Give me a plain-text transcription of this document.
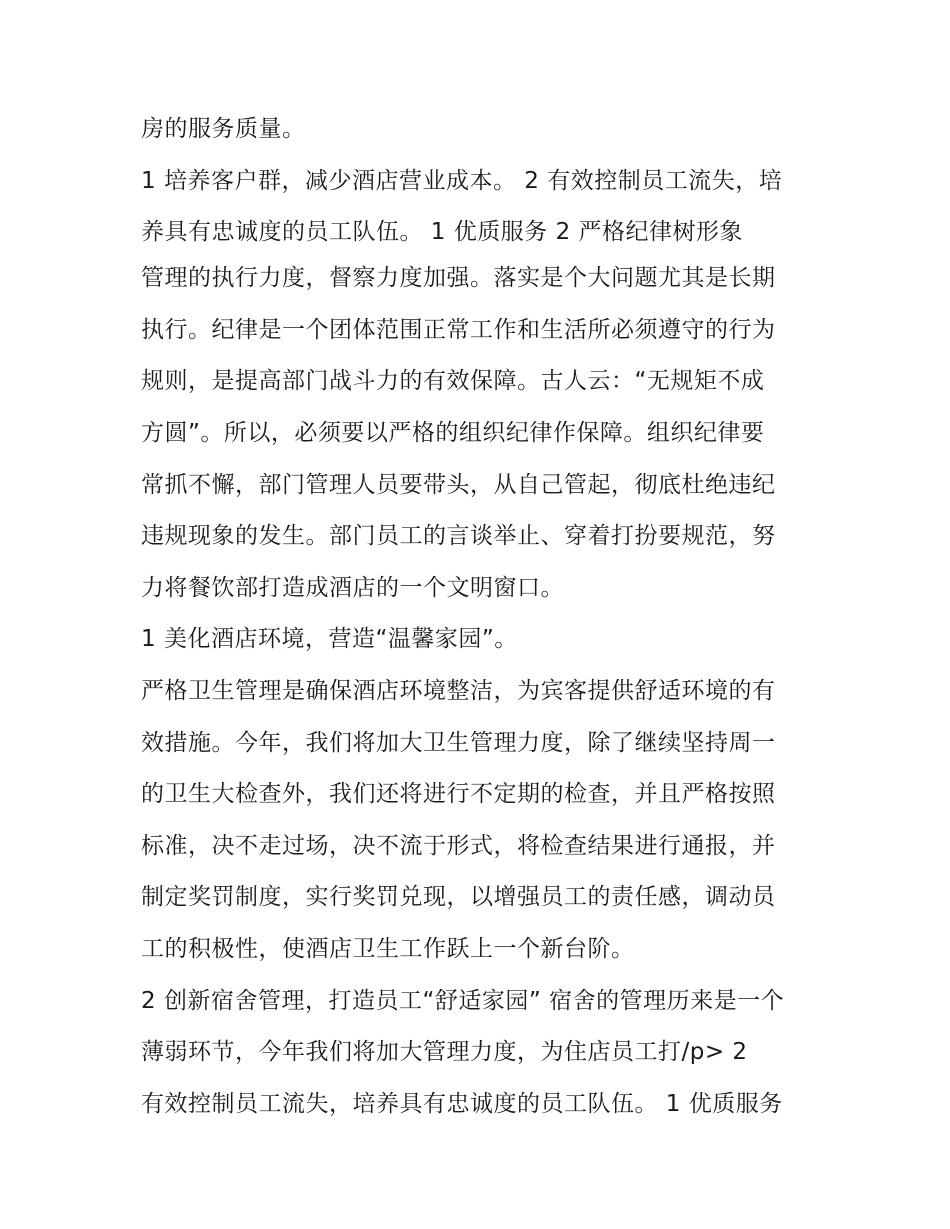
房的服务质量。
1 培养客户群，减少酒店营业成本。 2 有效控制员工流失，培
养具有忠诚度的员工队伍。 1 优质服务 2 严格纪律树形象
管理的执行力度，督察力度加强。落实是个大问题尤其是长期
执行。纪律是一个团体范围正常工作和生活所必须遵守的行为
规则，是提高部门战斗力的有效保障。古人云：“无规矩不成
方圆”。所以，必须要以严格的组织纪律作保障。组织纪律要
常抓不懈，部门管理人员要带头，从自己管起，彻底杜绝违纪
违规现象的发生。部门员工的言谈举止、穿着打扮要规范，努
力将餐饮部打造成酒店的一个文明窗口。
1 美化酒店环境，营造“温馨家园”。
严格卫生管理是确保酒店环境整洁，为宾客提供舒适环境的有
效措施。今年，我们将加大卫生管理力度，除了继续坚持周一
的卫生大检查外，我们还将进行不定期的检查，并且严格按照
标准，决不走过场，决不流于形式，将检查结果进行通报，并
制定奖罚制度，实行奖罚兑现，以增强员工的责任感，调动员
工的积极性，使酒店卫生工作跃上一个新台阶。
2 创新宿舍管理，打造员工“舒适家园” 宿舍的管理历来是一个
薄弱环节，今年我们将加大管理力度，为住店员工打/p> 2
有效控制员工流失，培养具有忠诚度的员工队伍。 1 优质服务
